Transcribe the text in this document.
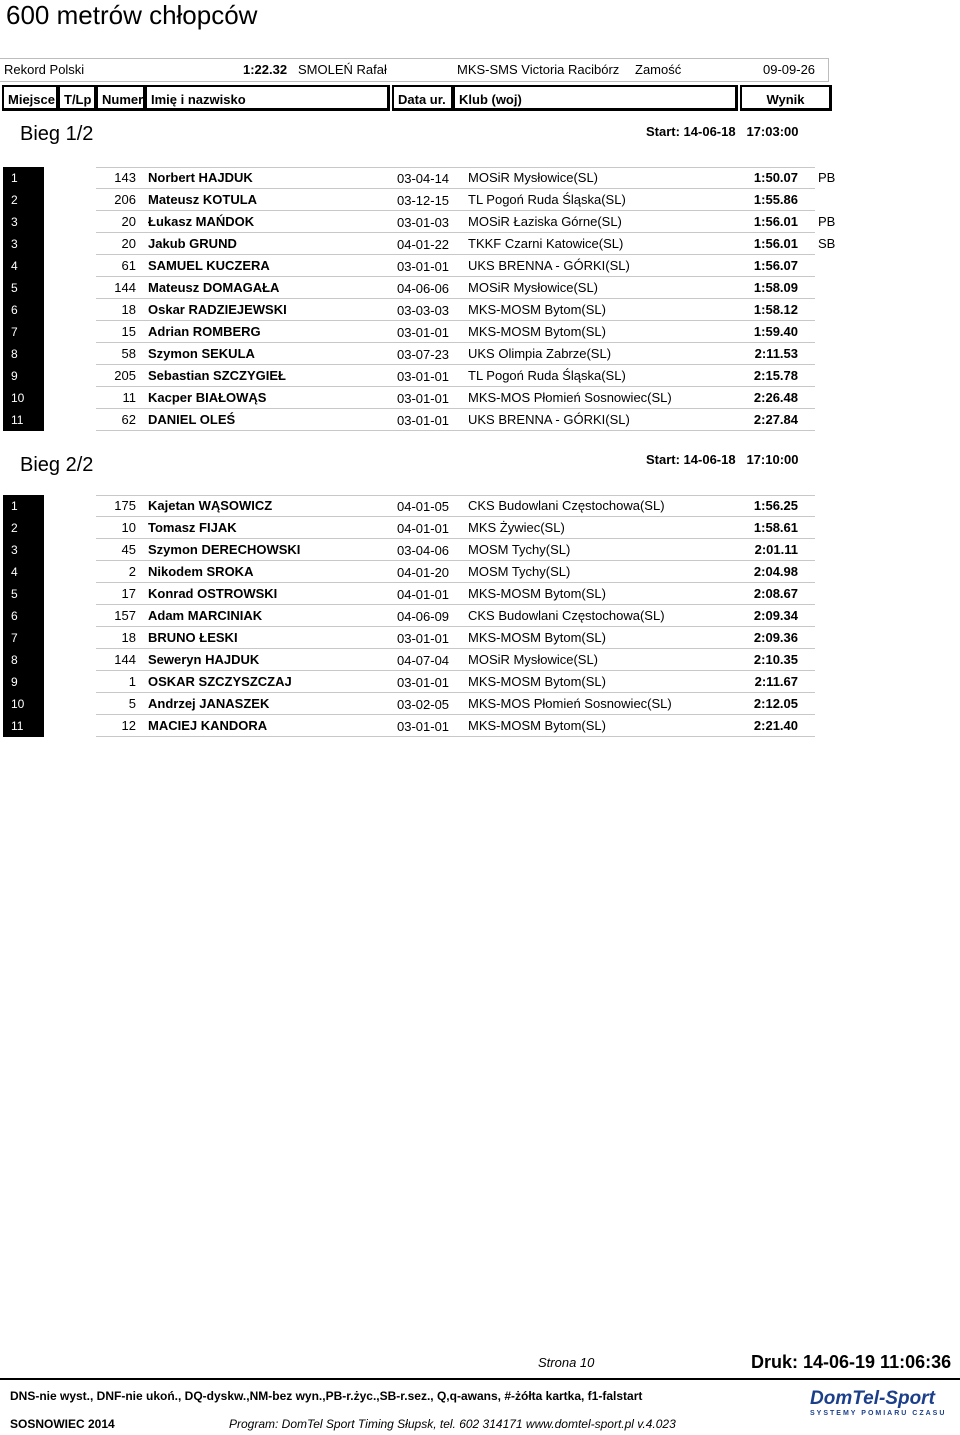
600 metrów chłopców
Rekord Polski	1:22.32 SMOLEŃ Rafał	MKS-SMS Victoria Racibórz Zamość	09-09-26
Miejsce T/Lp Numer Imię i nazwisko	Data ur.	Klub (woj)	Wynik
Bieg 1/2	Start: 14-06-18 17:03:00
1	143 Norbert HAJDUK	03-04-14	MOSiR Mysłowice(SL)	1:50.07 PB
2	206 Mateusz KOTULA	03-12-15	TL Pogoń Ruda Śląska(SL)	1:55.86
3	20 Łukasz MAŃDOK	03-01-03	MOSiR Łaziska Górne(SL)	1:56.01 PB
3	20 Jakub GRUND	04-01-22	TKKF Czarni Katowice(SL)	1:56.01 SB
4	61 SAMUEL KUCZERA	03-01-01	UKS BRENNA - GÓRKI(SL)	1:56.07
5	144 Mateusz DOMAGAŁA	04-06-06	MOSiR Mysłowice(SL)	1:58.09
6	18 Oskar RADZIEJEWSKI	03-03-03	MKS-MOSM Bytom(SL)	1:58.12
7	15 Adrian ROMBERG	03-01-01	MKS-MOSM Bytom(SL)	1:59.40
8	58 Szymon SEKULA	03-07-23	UKS Olimpia Zabrze(SL)	2:11.53
9	205 Sebastian SZCZYGIEŁ	03-01-01	TL Pogoń Ruda Śląska(SL)	2:15.78
10	11 Kacper BIAŁOWĄS	03-01-01	MKS-MOS Płomień Sosnowiec(SL)	2:26.48
11	62 DANIEL OLEŚ	03-01-01	UKS BRENNA - GÓRKI(SL)	2:27.84
Bieg 2/2	Start: 14-06-18 17:10:00
1	175 Kajetan WĄSOWICZ	04-01-05	CKS Budowlani Częstochowa(SL)	1:56.25
2	10 Tomasz FIJAK	04-01-01	MKS Żywiec(SL)	1:58.61
3	45 Szymon DERECHOWSKI	03-04-06	MOSM Tychy(SL)	2:01.11
4	2 Nikodem SROKA	04-01-20	MOSM Tychy(SL)	2:04.98
5	17 Konrad OSTROWSKI	04-01-01	MKS-MOSM Bytom(SL)	2:08.67
6	157 Adam MARCINIAK	04-06-09	CKS Budowlani Częstochowa(SL)	2:09.34
7	18 BRUNO ŁESKI	03-01-01	MKS-MOSM Bytom(SL)	2:09.36
8	144 Seweryn HAJDUK	04-07-04	MOSiR Mysłowice(SL)	2:10.35
9	1 OSKAR SZCZYSZCZAJ	03-01-01	MKS-MOSM Bytom(SL)	2:11.67
10	5 Andrzej JANASZEK	03-02-05	MKS-MOS Płomień Sosnowiec(SL)	2:12.05
11	12 MACIEJ KANDORA	03-01-01	MKS-MOSM Bytom(SL)	2:21.40
Strona 10	Druk: 14-06-19 11:06:36
DNS-nie wyst., DNF-nie ukoń., DQ-dyskw.,NM-bez wyn.,PB-r.życ.,SB-r.sez., Q,q-awans, #-żółta kartka, f1-falstart
SOSNOWIEC 2014	Program: DomTel Sport Timing Słupsk, tel. 602 314171 www.domtel-sport.pl v.4.023
DomTel-Sport
SYSTEMY POMIARU CZASU
